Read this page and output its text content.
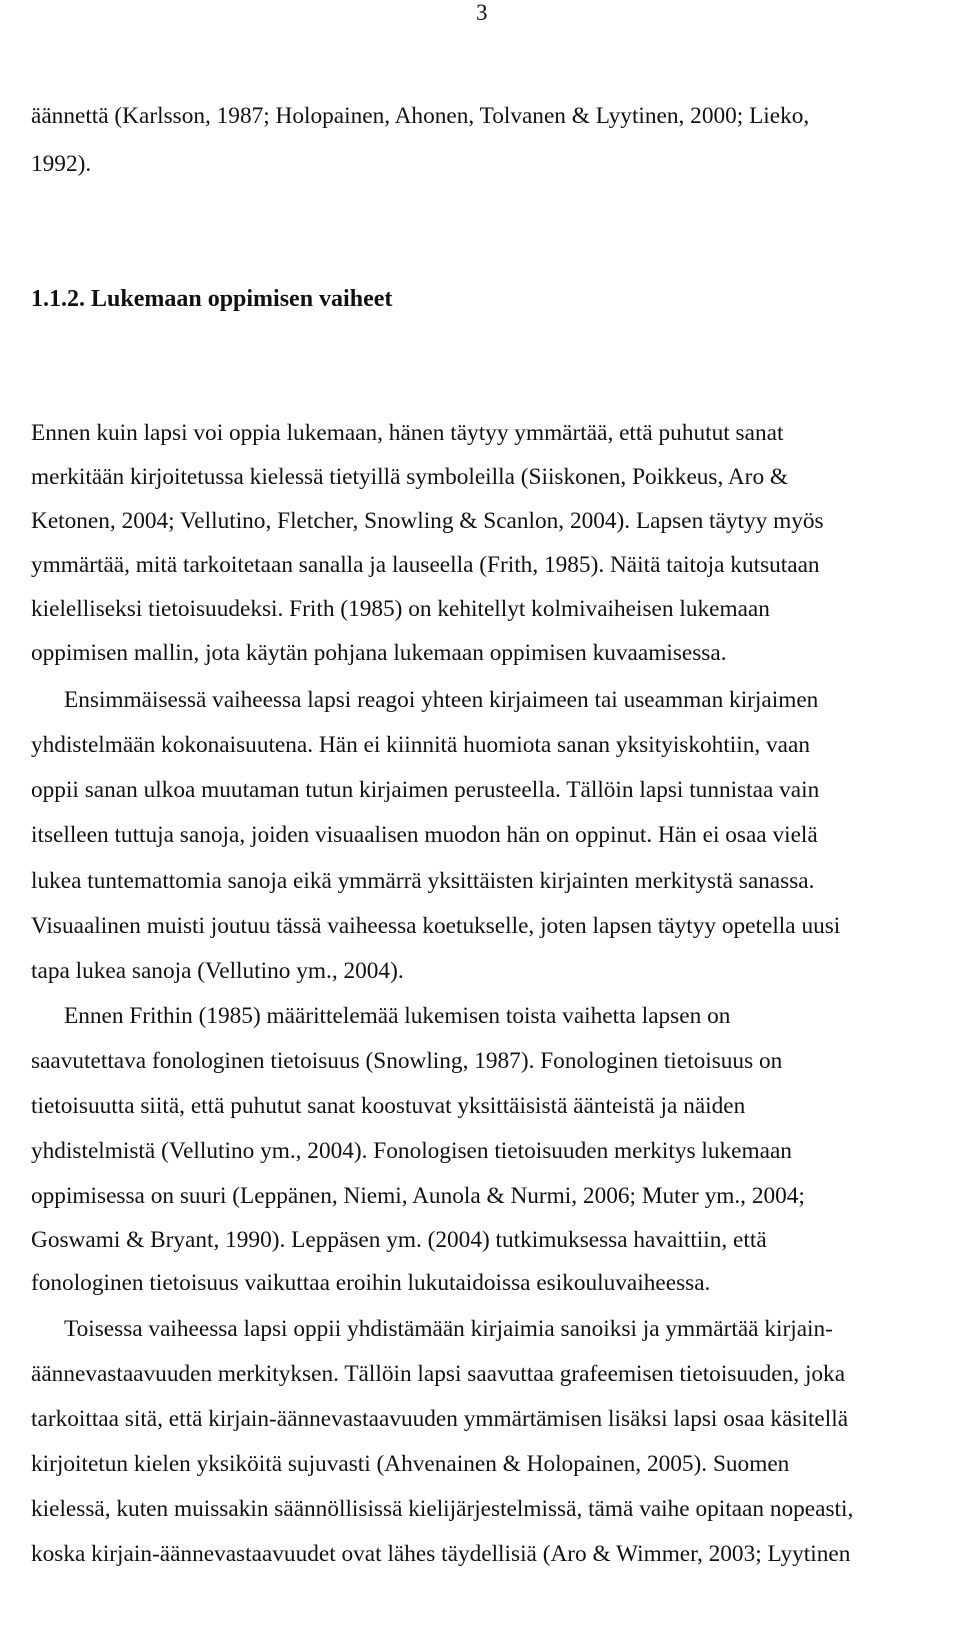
3
äännettä (Karlsson, 1987; Holopainen, Ahonen, Tolvanen & Lyytinen, 2000; Lieko,
1992).
1.1.2. Lukemaan oppimisen vaiheet
Ennen kuin lapsi voi oppia lukemaan, hänen täytyy ymmärtää, että puhutut sanat
merkitään kirjoitetussa kielessä tietyillä symboleilla (Siiskonen, Poikkeus, Aro &
Ketonen, 2004; Vellutino, Fletcher, Snowling & Scanlon, 2004). Lapsen täytyy myös
ymmärtää, mitä tarkoitetaan sanalla ja lauseella (Frith, 1985). Näitä taitoja kutsutaan
kielelliseksi tietoisuudeksi. Frith (1985) on kehitellyt kolmivaiheisen lukemaan
oppimisen mallin, jota käytän pohjana lukemaan oppimisen kuvaamisessa.
Ensimmäisessä vaiheessa lapsi reagoi yhteen kirjaimeen tai useamman kirjaimen
yhdistelmään kokonaisuutena. Hän ei kiinnitä huomiota sanan yksityiskohtiin, vaan
oppii sanan ulkoa muutaman tutun kirjaimen perusteella. Tällöin lapsi tunnistaa vain
itselleen tuttuja sanoja, joiden visuaalisen muodon hän on oppinut. Hän ei osaa vielä
lukea tuntemattomia sanoja eikä ymmärrä yksittäisten kirjainten merkitystä sanassa.
Visuaalinen muisti joutuu tässä vaiheessa koetukselle, joten lapsen täytyy opetella uusi
tapa lukea sanoja (Vellutino ym., 2004).
Ennen Frithin (1985) määrittelemää lukemisen toista vaihetta lapsen on
saavutettava fonologinen tietoisuus (Snowling, 1987). Fonologinen tietoisuus on
tietoisuutta siitä, että puhutut sanat koostuvat yksittäisistä äänteistä ja näiden
yhdistelmistä (Vellutino ym., 2004). Fonologisen tietoisuuden merkitys lukemaan
oppimisessa on suuri (Leppänen, Niemi, Aunola & Nurmi, 2006; Muter ym., 2004;
Goswami & Bryant, 1990). Leppäsen ym. (2004) tutkimuksessa havaittiin, että
fonologinen tietoisuus vaikuttaa eroihin lukutaidoissa esikouluvaiheessa.
Toisessa vaiheessa lapsi oppii yhdistämään kirjaimia sanoiksi ja ymmärtää kirjain-
äännevastaavuuden merkityksen. Tällöin lapsi saavuttaa grafeemisen tietoisuuden, joka
tarkoittaa sitä, että kirjain-äännevastaavuuden ymmärtämisen lisäksi lapsi osaa käsitellä
kirjoitetun kielen yksiköitä sujuvasti (Ahvenainen & Holopainen, 2005). Suomen
kielessä, kuten muissakin säännöllisissä kielijärjestelmissä, tämä vaihe opitaan nopeasti,
koska kirjain-äännevastaavuudet ovat lähes täydellisiä (Aro & Wimmer, 2003; Lyytinen
